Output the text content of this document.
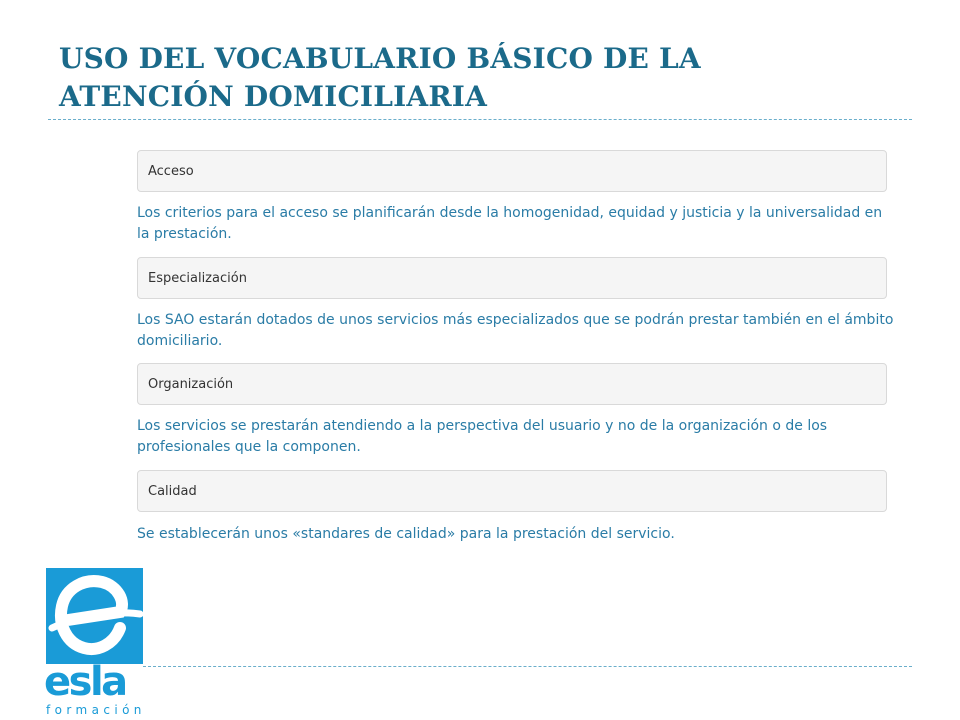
USO DEL VOCABULARIO BÁSICO DE LA
ATENCIÓN DOMICILIARIA
Acceso

Los criterios para el acceso se planificarán desde la homogenidad, equidad y justicia y la universalidad en la prestación.

Especialización

Los SAO estarán dotados de unos servicios más especializados que se podrán prestar también en el ámbito domiciliario.

Organización

Los servicios se prestarán atendiendo a la perspectiva del usuario y no de la organización o de los profesionales que la componen.

Calidad

Se establecerán unos «standares de calidad» para la prestación del servicio.

esla

formación
